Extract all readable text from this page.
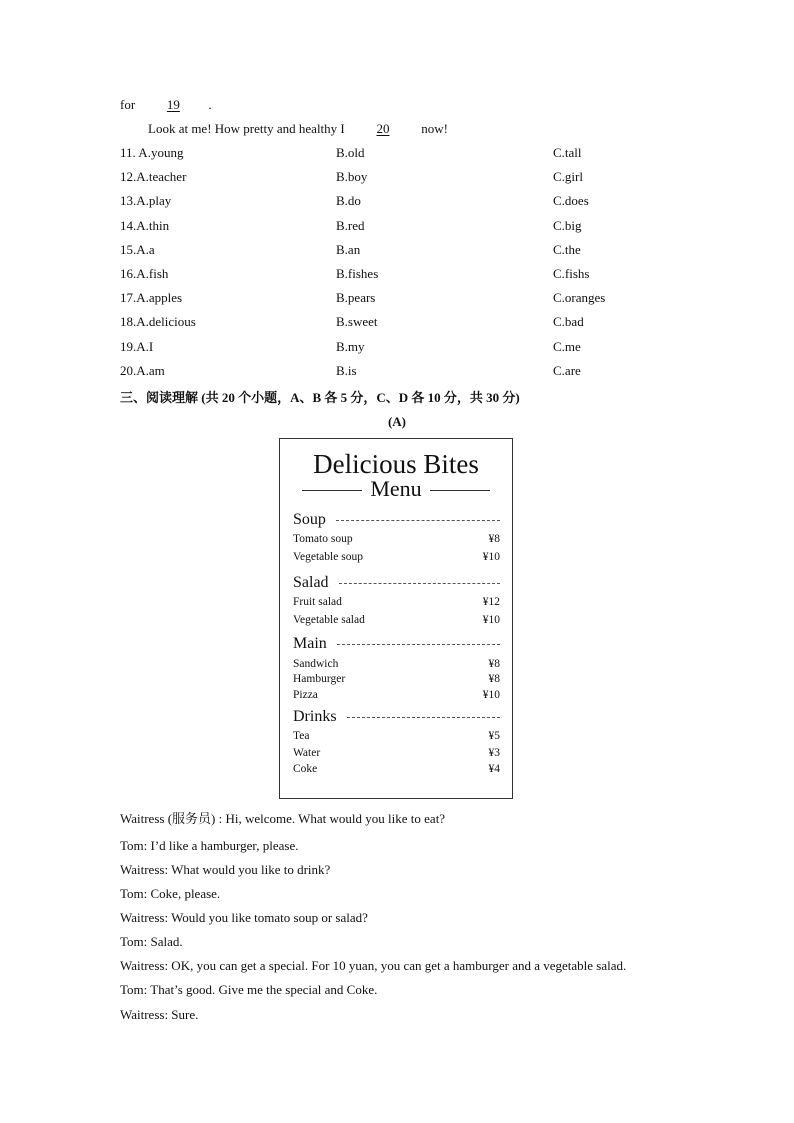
for 19 .
Look at me! How pretty and healthy I 20 now!
11. A.young	B.old	C.tall
12.A.teacher	B.boy	C.girl
13.A.play	B.do	C.does
14.A.thin	B.red	C.big
15.A.a	B.an	C.the
16.A.fish	B.fishes	C.fishs
17.A.apples	B.pears	C.oranges
18.A.delicious	B.sweet	C.bad
19.A.I	B.my	C.me
20.A.am	B.is	C.are
三、阅读理解 (共 20 个小题，A、B 各 5 分，C、D 各 10 分，共 30 分)
(A)
Delicious Bites
Menu
Soup
Tomato soup	¥8
Vegetable soup	¥10
Salad
Fruit salad	¥12
Vegetable salad	¥10
Main
Sandwich	¥8
Hamburger	¥8
Pizza	¥10
Drinks
Tea	¥5
Water	¥3
Coke	¥4
Waitress (服务员) : Hi, welcome. What would you like to eat?
Tom: I’d like a hamburger, please.
Waitress: What would you like to drink?
Tom: Coke, please.
Waitress: Would you like tomato soup or salad?
Tom: Salad.
Waitress: OK, you can get a special. For 10 yuan, you can get a hamburger and a vegetable salad.
Tom: That’s good. Give me the special and Coke.
Waitress: Sure.
